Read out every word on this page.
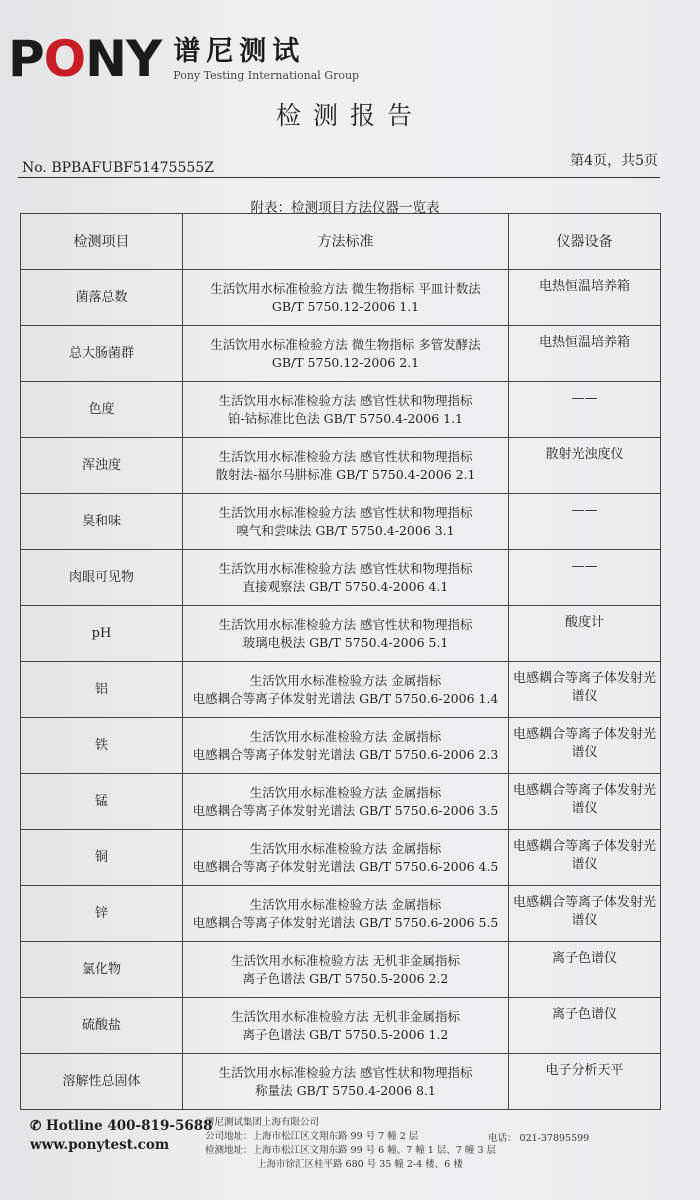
PONY 谱尼测试
Pony Testing International Group
检测报告
No. BPBAFUBF51475555Z	第4页，共5页
附表：检测项目方法仪器一览表
检测项目	方法标准	仪器设备
菌落总数	生活饮用水标准检验方法 微生物指标 平皿计数法
GB/T 5750.12-2006 1.1	电热恒温培养箱
总大肠菌群	生活饮用水标准检验方法 微生物指标 多管发酵法
GB/T 5750.12-2006 2.1	电热恒温培养箱
色度	生活饮用水标准检验方法 感官性状和物理指标
铂-钴标准比色法 GB/T 5750.4-2006 1.1	——
浑浊度	生活饮用水标准检验方法 感官性状和物理指标
散射法-福尔马肼标准 GB/T 5750.4-2006 2.1	散射光浊度仪
臭和味	生活饮用水标准检验方法 感官性状和物理指标
嗅气和尝味法 GB/T 5750.4-2006 3.1	——
肉眼可见物	生活饮用水标准检验方法 感官性状和物理指标
直接观察法 GB/T 5750.4-2006 4.1	——
pH	生活饮用水标准检验方法 感官性状和物理指标
玻璃电极法 GB/T 5750.4-2006 5.1	酸度计
铝	生活饮用水标准检验方法 金属指标
电感耦合等离子体发射光谱法 GB/T 5750.6-2006 1.4	电感耦合等离子体发射光谱仪
铁	生活饮用水标准检验方法 金属指标
电感耦合等离子体发射光谱法 GB/T 5750.6-2006 2.3	电感耦合等离子体发射光谱仪
锰	生活饮用水标准检验方法 金属指标
电感耦合等离子体发射光谱法 GB/T 5750.6-2006 3.5	电感耦合等离子体发射光谱仪
铜	生活饮用水标准检验方法 金属指标
电感耦合等离子体发射光谱法 GB/T 5750.6-2006 4.5	电感耦合等离子体发射光谱仪
锌	生活饮用水标准检验方法 金属指标
电感耦合等离子体发射光谱法 GB/T 5750.6-2006 5.5	电感耦合等离子体发射光谱仪
氯化物	生活饮用水标准检验方法 无机非金属指标
离子色谱法 GB/T 5750.5-2006 2.2	离子色谱仪
硫酸盐	生活饮用水标准检验方法 无机非金属指标
离子色谱法 GB/T 5750.5-2006 1.2	离子色谱仪
溶解性总固体	生活饮用水标准检验方法 感官性状和物理指标
称量法 GB/T 5750.4-2006 8.1	电子分析天平
✆ Hotline 400-819-5688
www.ponytest.com
谱尼测试集团上海有限公司
公司地址：上海市松江区文翔东路 99 号 7 幢 2 层
检测地址：上海市松江区文翔东路 99 号 6 幢、7 幢 1 层、7 幢 3 层
上海市徐汇区桂平路 680 号 35 幢 2-4 楼、6 楼
电话： 021-37895599
